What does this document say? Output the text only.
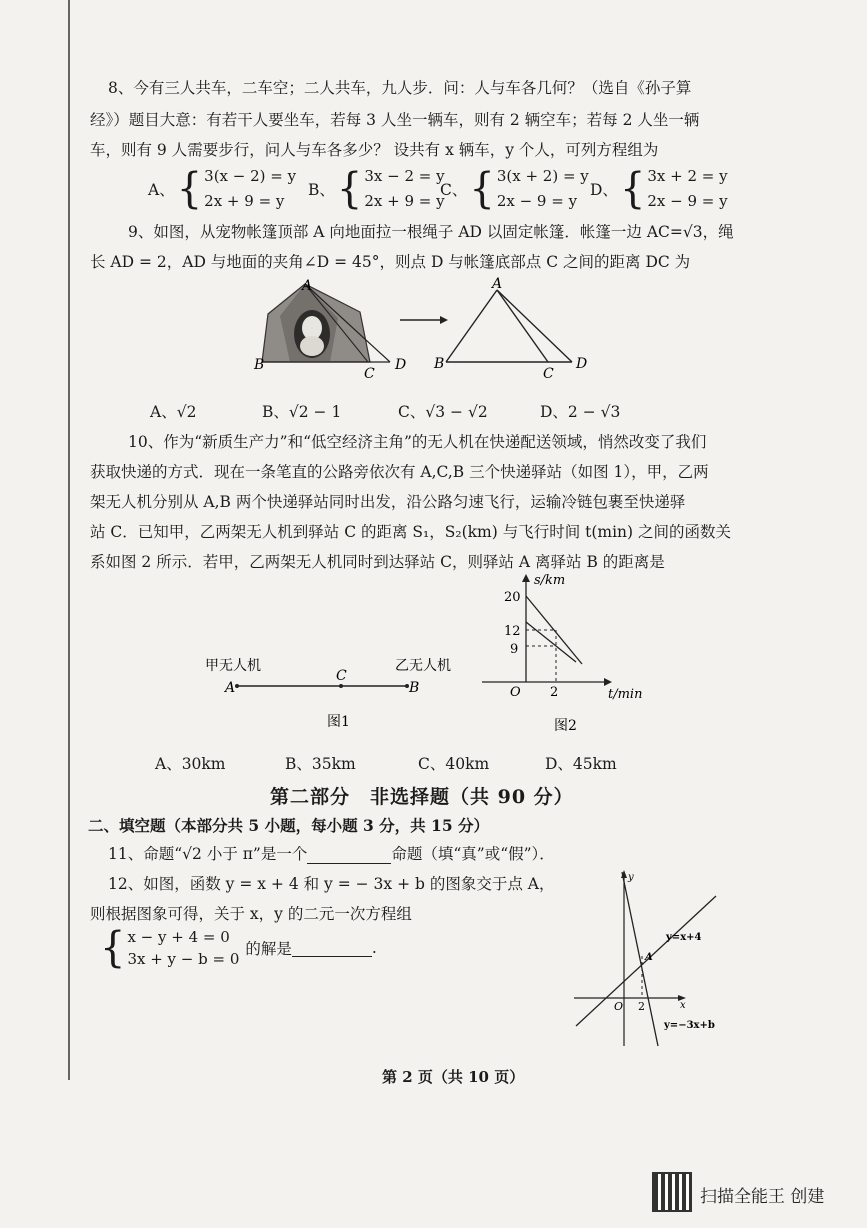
8、今有三人共车，二车空；二人共车，九人步．问：人与车各几何？（选自《孙子算
经》）题目大意：有若干人要坐车，若每 3 人坐一辆车，则有 2 辆空车；若每 2 人坐一辆
车，则有 9 人需要步行，问人与车各多少？ 设共有 x 辆车，y 个人，可列方程组为
A、 { 3(x − 2) = y
2x + 9 = y
B、 { 3x − 2 = y
2x + 9 = y
C、 { 3(x + 2) = y
2x − 9 = y
D、 { 3x + 2 = y
2x − 9 = y
9、如图，从宠物帐篷顶部 A 向地面拉一根绳子 AD 以固定帐篷．帐篷一边 AC=√3，绳
长 AD = 2，AD 与地面的夹角∠D = 45°，则点 D 与帐篷底部点 C 之间的距离 DC 为
A
B
C
D
A
B
C
D
A、√2	B、√2 − 1	C、√3 − √2	D、2 − √3
10、作为“新质生产力”和“低空经济主角”的无人机在快递配送领域，悄然改变了我们
获取快递的方式．现在一条笔直的公路旁依次有 A,C,B 三个快递驿站（如图 1），甲，乙两
架无人机分别从 A,B 两个快递驿站同时出发，沿公路匀速飞行，运输冷链包裹至快递驿
站 C．已知甲，乙两架无人机到驿站 C 的距离 S₁，S₂(km) 与飞行时间 t(min) 之间的函数关
系如图 2 所示．若甲，乙两架无人机同时到达驿站 C，则驿站 A 离驿站 B 的距离是
甲无人机	乙无人机
A
C
B
图1
s/km
t/min
O
20
12
9
2
图2
A、30km	B、35km	C、40km	D、45km
第二部分　非选择题（共 90 分）
二、填空题（本部分共 5 小题，每小题 3 分，共 15 分）
11、命题“√2 小于 π”是一个	命题（填“真”或“假”）．
12、如图，函数 y = x + 4 和 y = − 3x + b 的图象交于点 A，
则根据图象可得，关于 x，y 的二元一次方程组
{ x − y + 4 = 0
3x + y − b = 0
的解是	.
y
x
O 2
y=x+4
y=−3x+b
A
第 2 页（共 10 页）
扫描全能王 创建
